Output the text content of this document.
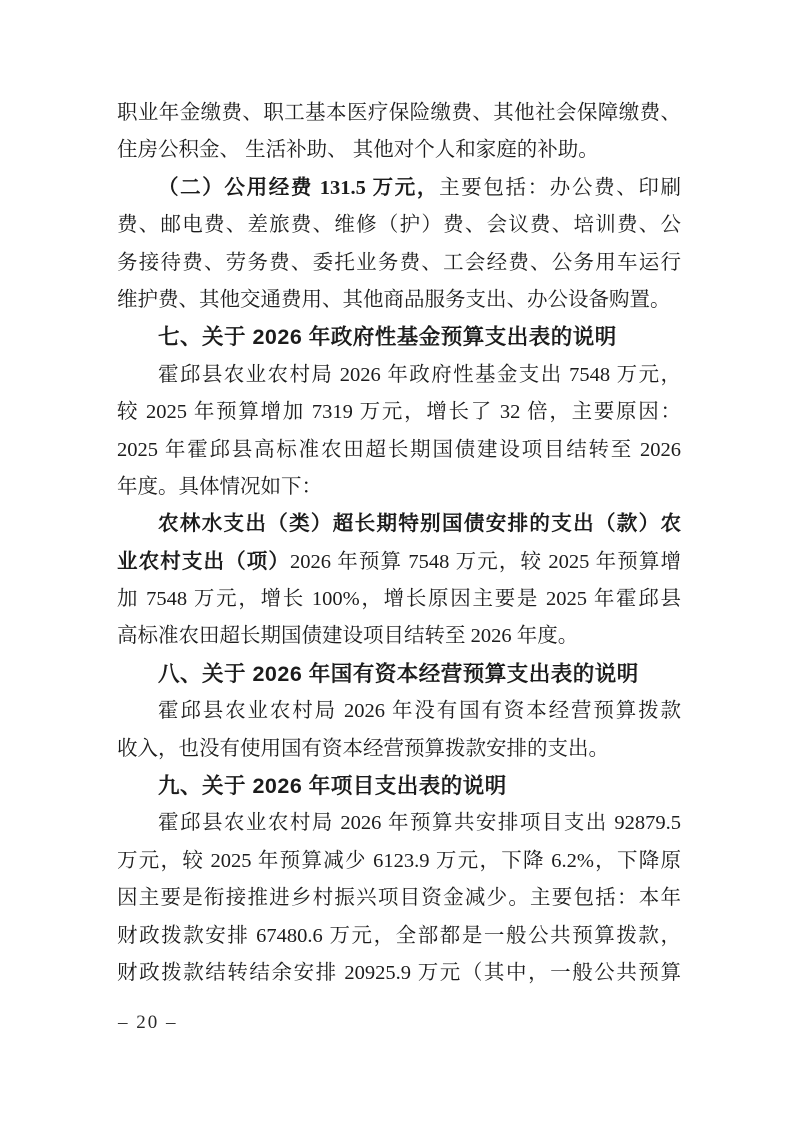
职业年金缴费、职工基本医疗保险缴费、其他社会保障缴费、
住房公积金、 生活补助、 其他对个人和家庭的补助。
（二）公用经费 131.5 万元，主要包括：办公费、印刷
费、邮电费、差旅费、维修（护）费、会议费、培训费、公
务接待费、劳务费、委托业务费、工会经费、公务用车运行
维护费、其他交通费用、其他商品服务支出、办公设备购置。
七、关于 2026 年政府性基金预算支出表的说明
霍邱县农业农村局 2026 年政府性基金支出 7548 万元，
较 2025 年预算增加 7319 万元，增长了 32 倍，主要原因：
2025 年霍邱县高标准农田超长期国债建设项目结转至 2026
年度。具体情况如下：
农林水支出（类）超长期特别国债安排的支出（款）农
业农村支出（项）2026 年预算 7548 万元，较 2025 年预算增
加 7548 万元，增长 100%，增长原因主要是 2025 年霍邱县
高标准农田超长期国债建设项目结转至 2026 年度。
八、关于 2026 年国有资本经营预算支出表的说明
霍邱县农业农村局 2026 年没有国有资本经营预算拨款
收入，也没有使用国有资本经营预算拨款安排的支出。
九、关于 2026 年项目支出表的说明
霍邱县农业农村局 2026 年预算共安排项目支出 92879.5
万元，较 2025 年预算减少 6123.9 万元，下降 6.2%，下降原
因主要是衔接推进乡村振兴项目资金减少。主要包括：本年
财政拨款安排 67480.6 万元，全部都是一般公共预算拨款，
财政拨款结转结余安排 20925.9 万元（其中，一般公共预算
– 20 –
